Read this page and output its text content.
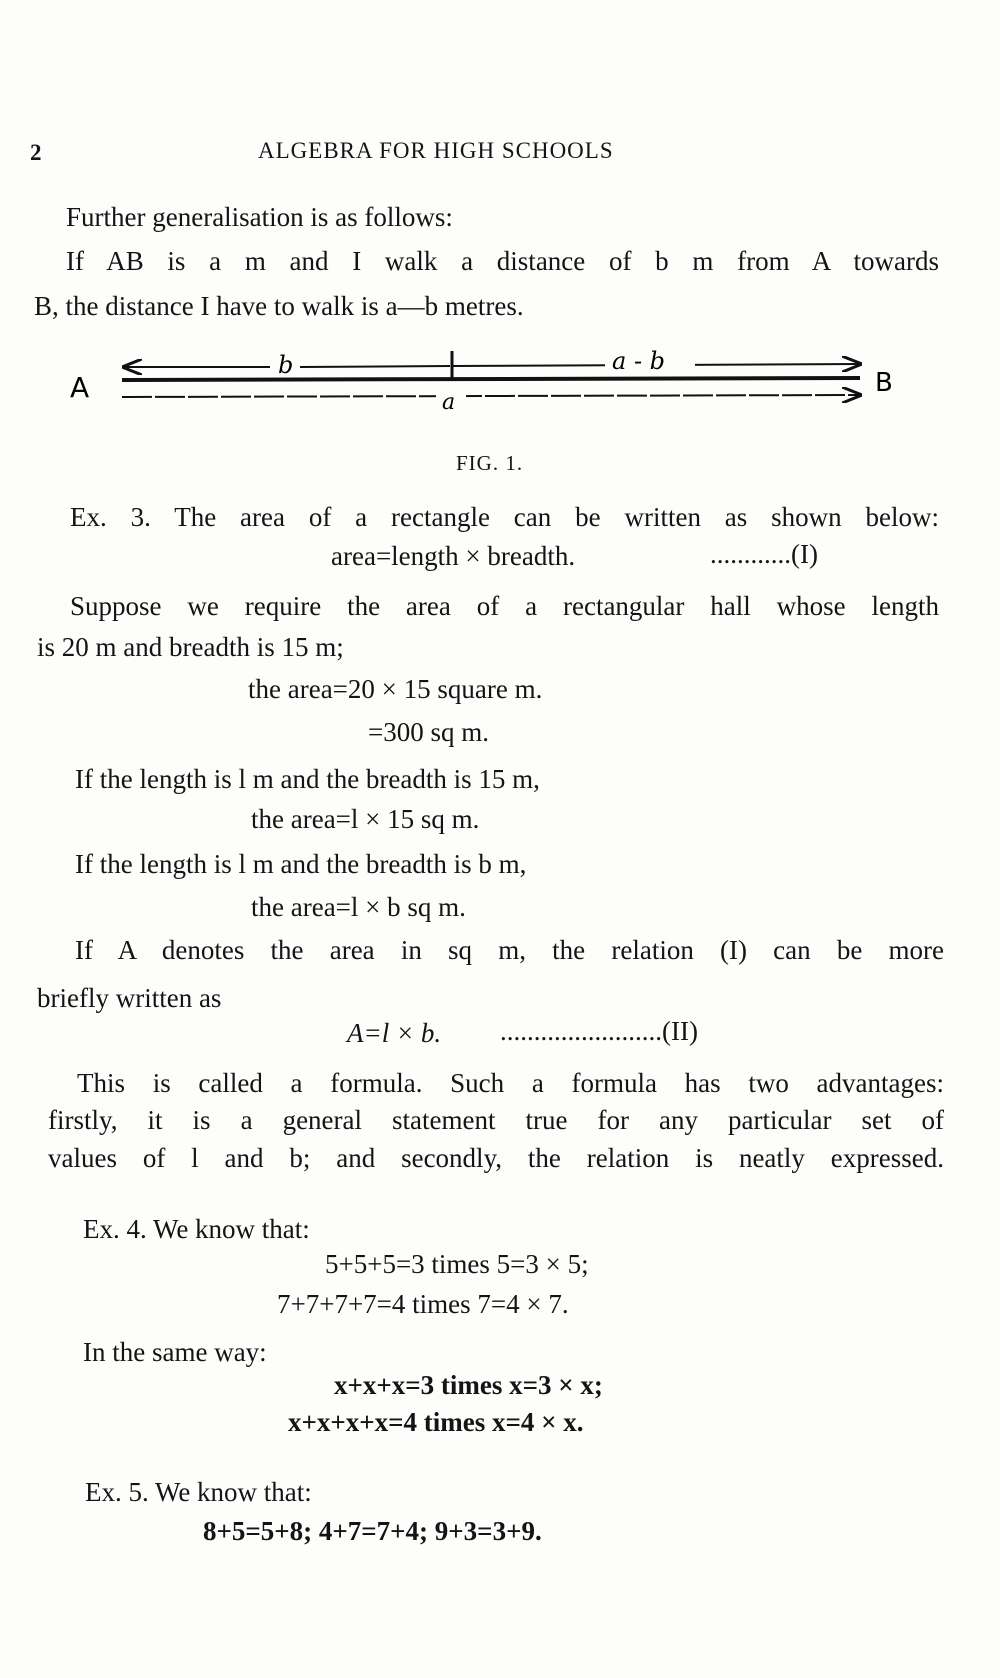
2	ALGEBRA FOR HIGH SCHOOLS
Further generalisation is as follows:
If AB is a m and I walk a distance of b m from A towards
B, the distance I have to walk is a—b metres.
A	B
b	a - b
a
FIG. 1.
Ex. 3. The area of a rectangle can be written as shown below:
area=length × breadth.	............(I)
Suppose we require the area of a rectangular hall whose length
is 20 m and breadth is 15 m;
the area=20 × 15 square m.
=300 sq m.
If the length is l m and the breadth is 15 m,
the area=l × 15 sq m.
If the length is l m and the breadth is b m,
the area=l × b sq m.
If A denotes the area in sq m, the relation (I) can be more
briefly written as
A=l × b. ........................(II)
This is called a formula. Such a formula has two advantages:
firstly, it is a general statement true for any particular set of
values of l and b; and secondly, the relation is neatly expressed.
Ex. 4. We know that:
5+5+5=3 times 5=3 × 5;
7+7+7+7=4 times 7=4 × 7.
In the same way:
x+x+x=3 times x=3 × x;
x+x+x+x=4 times x=4 × x.
Ex. 5. We know that:
8+5=5+8; 4+7=7+4; 9+3=3+9.
